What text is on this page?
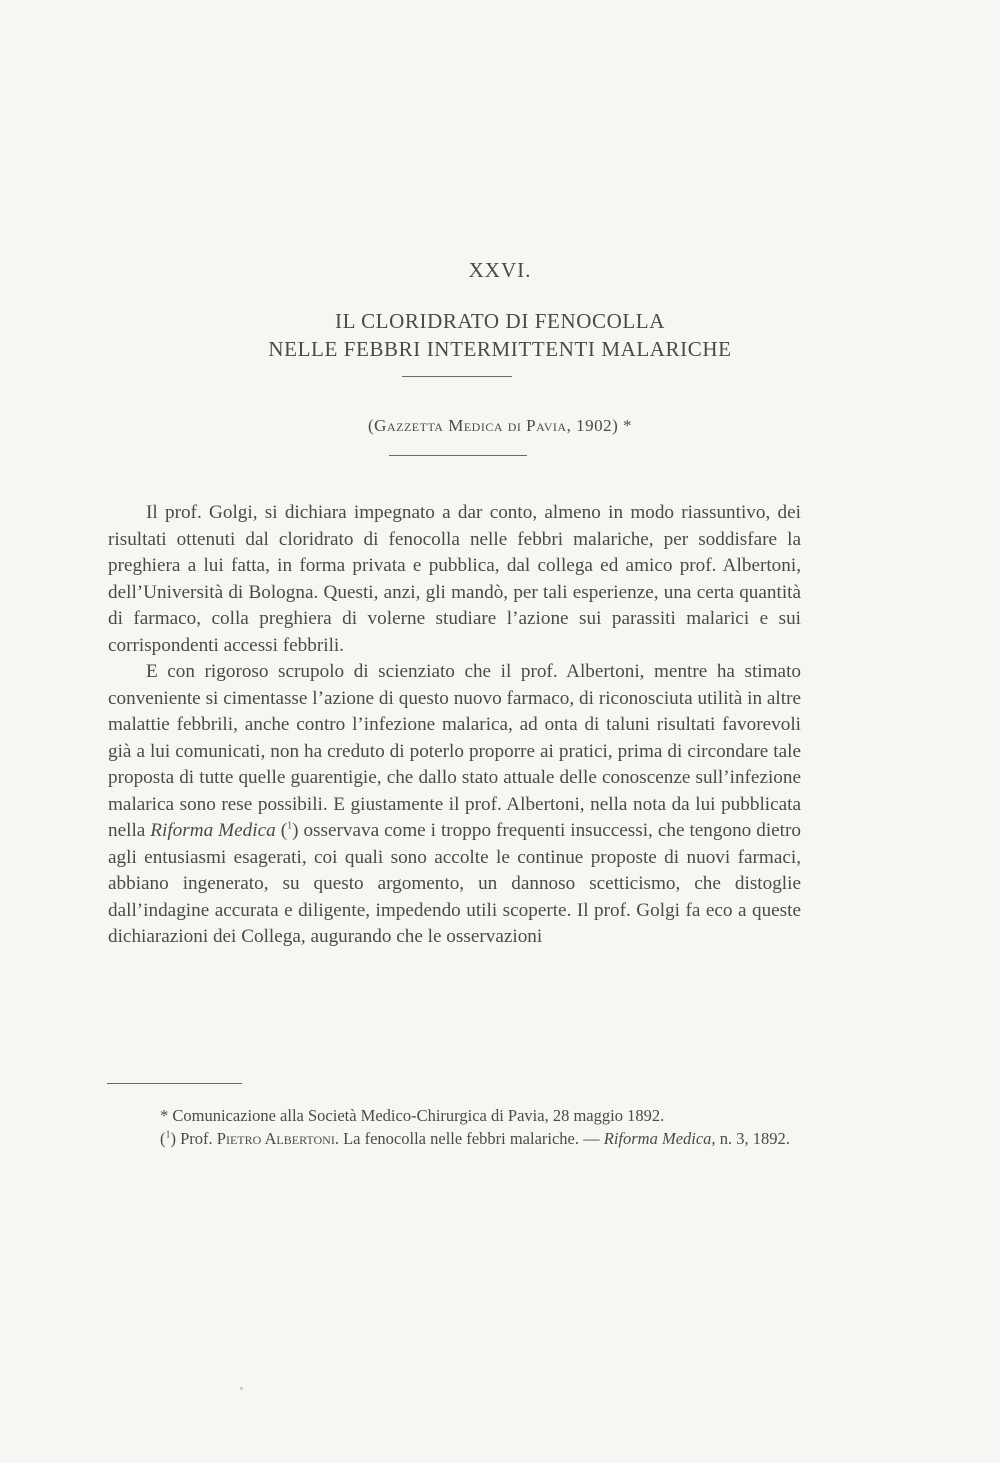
XXVI.
IL CLORIDRATO DI FENOCOLLA
NELLE FEBBRI INTERMITTENTI MALARICHE

(Gazzetta Medica di Pavia, 1902) *

Il prof. Golgi, si dichiara impegnato a dar conto, almeno in modo riassuntivo, dei risultati ottenuti dal cloridrato di fenocolla nelle febbri malariche, per soddisfare la preghiera a lui fatta, in forma privata e pubblica, dal collega ed amico prof. Albertoni, dell’Università di Bologna. Questi, anzi, gli mandò, per tali esperienze, una certa quantità di farmaco, colla preghiera di volerne studiare l’azione sui parassiti malarici e sui corrispondenti accessi febbrili.

E con rigoroso scrupolo di scienziato che il prof. Albertoni, mentre ha stimato conveniente si cimentasse l’azione di questo nuovo farmaco, di riconosciuta utilità in altre malattie febbrili, anche contro l’infezione malarica, ad onta di taluni risultati favorevoli già a lui comunicati, non ha creduto di poterlo proporre ai pratici, prima di circondare tale proposta di tutte quelle guarentigie, che dallo stato attuale delle conoscenze sull’infezione malarica sono rese possibili. E giustamente il prof. Albertoni, nella nota da lui pubblicata nella Riforma Medica ($^1$) osservava come i troppo frequenti insuccessi, che tengono dietro agli entusiasmi esagerati, coi quali sono accolte le continue proposte di nuovi farmaci, abbiano ingenerato, su questo argomento, un dannoso scetticismo, che distoglie dall’indagine accurata e diligente, impedendo utili scoperte. Il prof. Golgi fa eco a queste dichiarazioni dei Collega, augurando che le osservazioni

* Comunicazione alla Società Medico-Chirurgica di Pavia, 28 maggio 1892.

($^1$) Prof. Pietro Albertoni. La fenocolla nelle febbri malariche. — Riforma Medica, n. 3, 1892.
